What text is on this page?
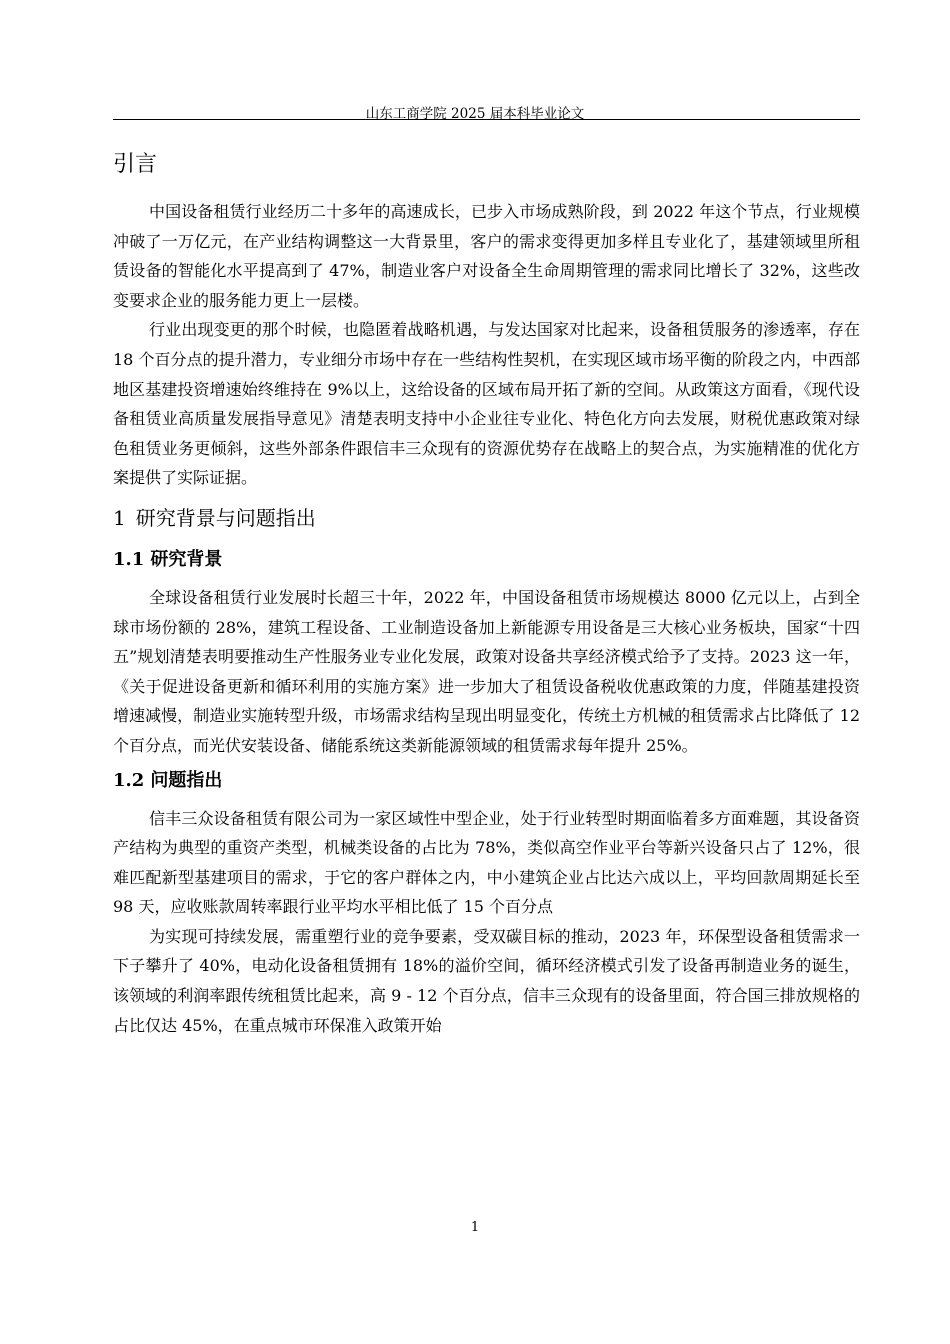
山东工商学院 2025 届本科毕业论文
引言

中国设备租赁行业经历二十多年的高速成长，已步入市场成熟阶段，到 2022 年这个节点，行业规模冲破了一万亿元，在产业结构调整这一大背景里，客户的需求变得更加多样且专业化了，基建领域里所租赁设备的智能化水平提高到了 47%，制造业客户对设备全生命周期管理的需求同比增长了 32%，这些改变要求企业的服务能力更上一层楼。

行业出现变更的那个时候，也隐匿着战略机遇，与发达国家对比起来，设备租赁服务的渗透率，存在 18 个百分点的提升潜力，专业细分市场中存在一些结构性契机，在实现区域市场平衡的阶段之内，中西部地区基建投资增速始终维持在 9%以上，这给设备的区域布局开拓了新的空间。从政策这方面看，《现代设备租赁业高质量发展指导意见》清楚表明支持中小企业往专业化、特色化方向去发展，财税优惠政策对绿色租赁业务更倾斜，这些外部条件跟信丰三众现有的资源优势存在战略上的契合点，为实施精准的优化方案提供了实际证据。

1 研究背景与问题指出
1.1 研究背景

全球设备租赁行业发展时长超三十年，2022 年，中国设备租赁市场规模达 8000 亿元以上，占到全球市场份额的 28%，建筑工程设备、工业制造设备加上新能源专用设备是三大核心业务板块，国家“十四五”规划清楚表明要推动生产性服务业专业化发展，政策对设备共享经济模式给予了支持。2023 这一年，《关于促进设备更新和循环利用的实施方案》进一步加大了租赁设备税收优惠政策的力度，伴随基建投资增速减慢，制造业实施转型升级，市场需求结构呈现出明显变化，传统土方机械的租赁需求占比降低了 12 个百分点，而光伏安装设备、储能系统这类新能源领域的租赁需求每年提升 25%。

1.2 问题指出

信丰三众设备租赁有限公司为一家区域性中型企业，处于行业转型时期面临着多方面难题，其设备资产结构为典型的重资产类型，机械类设备的占比为 78%，类似高空作业平台等新兴设备只占了 12%，很难匹配新型基建项目的需求，于它的客户群体之内，中小建筑企业占比达六成以上，平均回款周期延长至 98 天，应收账款周转率跟行业平均水平相比低了 15 个百分点

为实现可持续发展，需重塑行业的竞争要素，受双碳目标的推动，2023 年，环保型设备租赁需求一下子攀升了 40%，电动化设备租赁拥有 18%的溢价空间，循环经济模式引发了设备再制造业务的诞生，该领域的利润率跟传统租赁比起来，高 9 - 12 个百分点，信丰三众现有的设备里面，符合国三排放规格的占比仅达 45%，在重点城市环保准入政策开始

1
